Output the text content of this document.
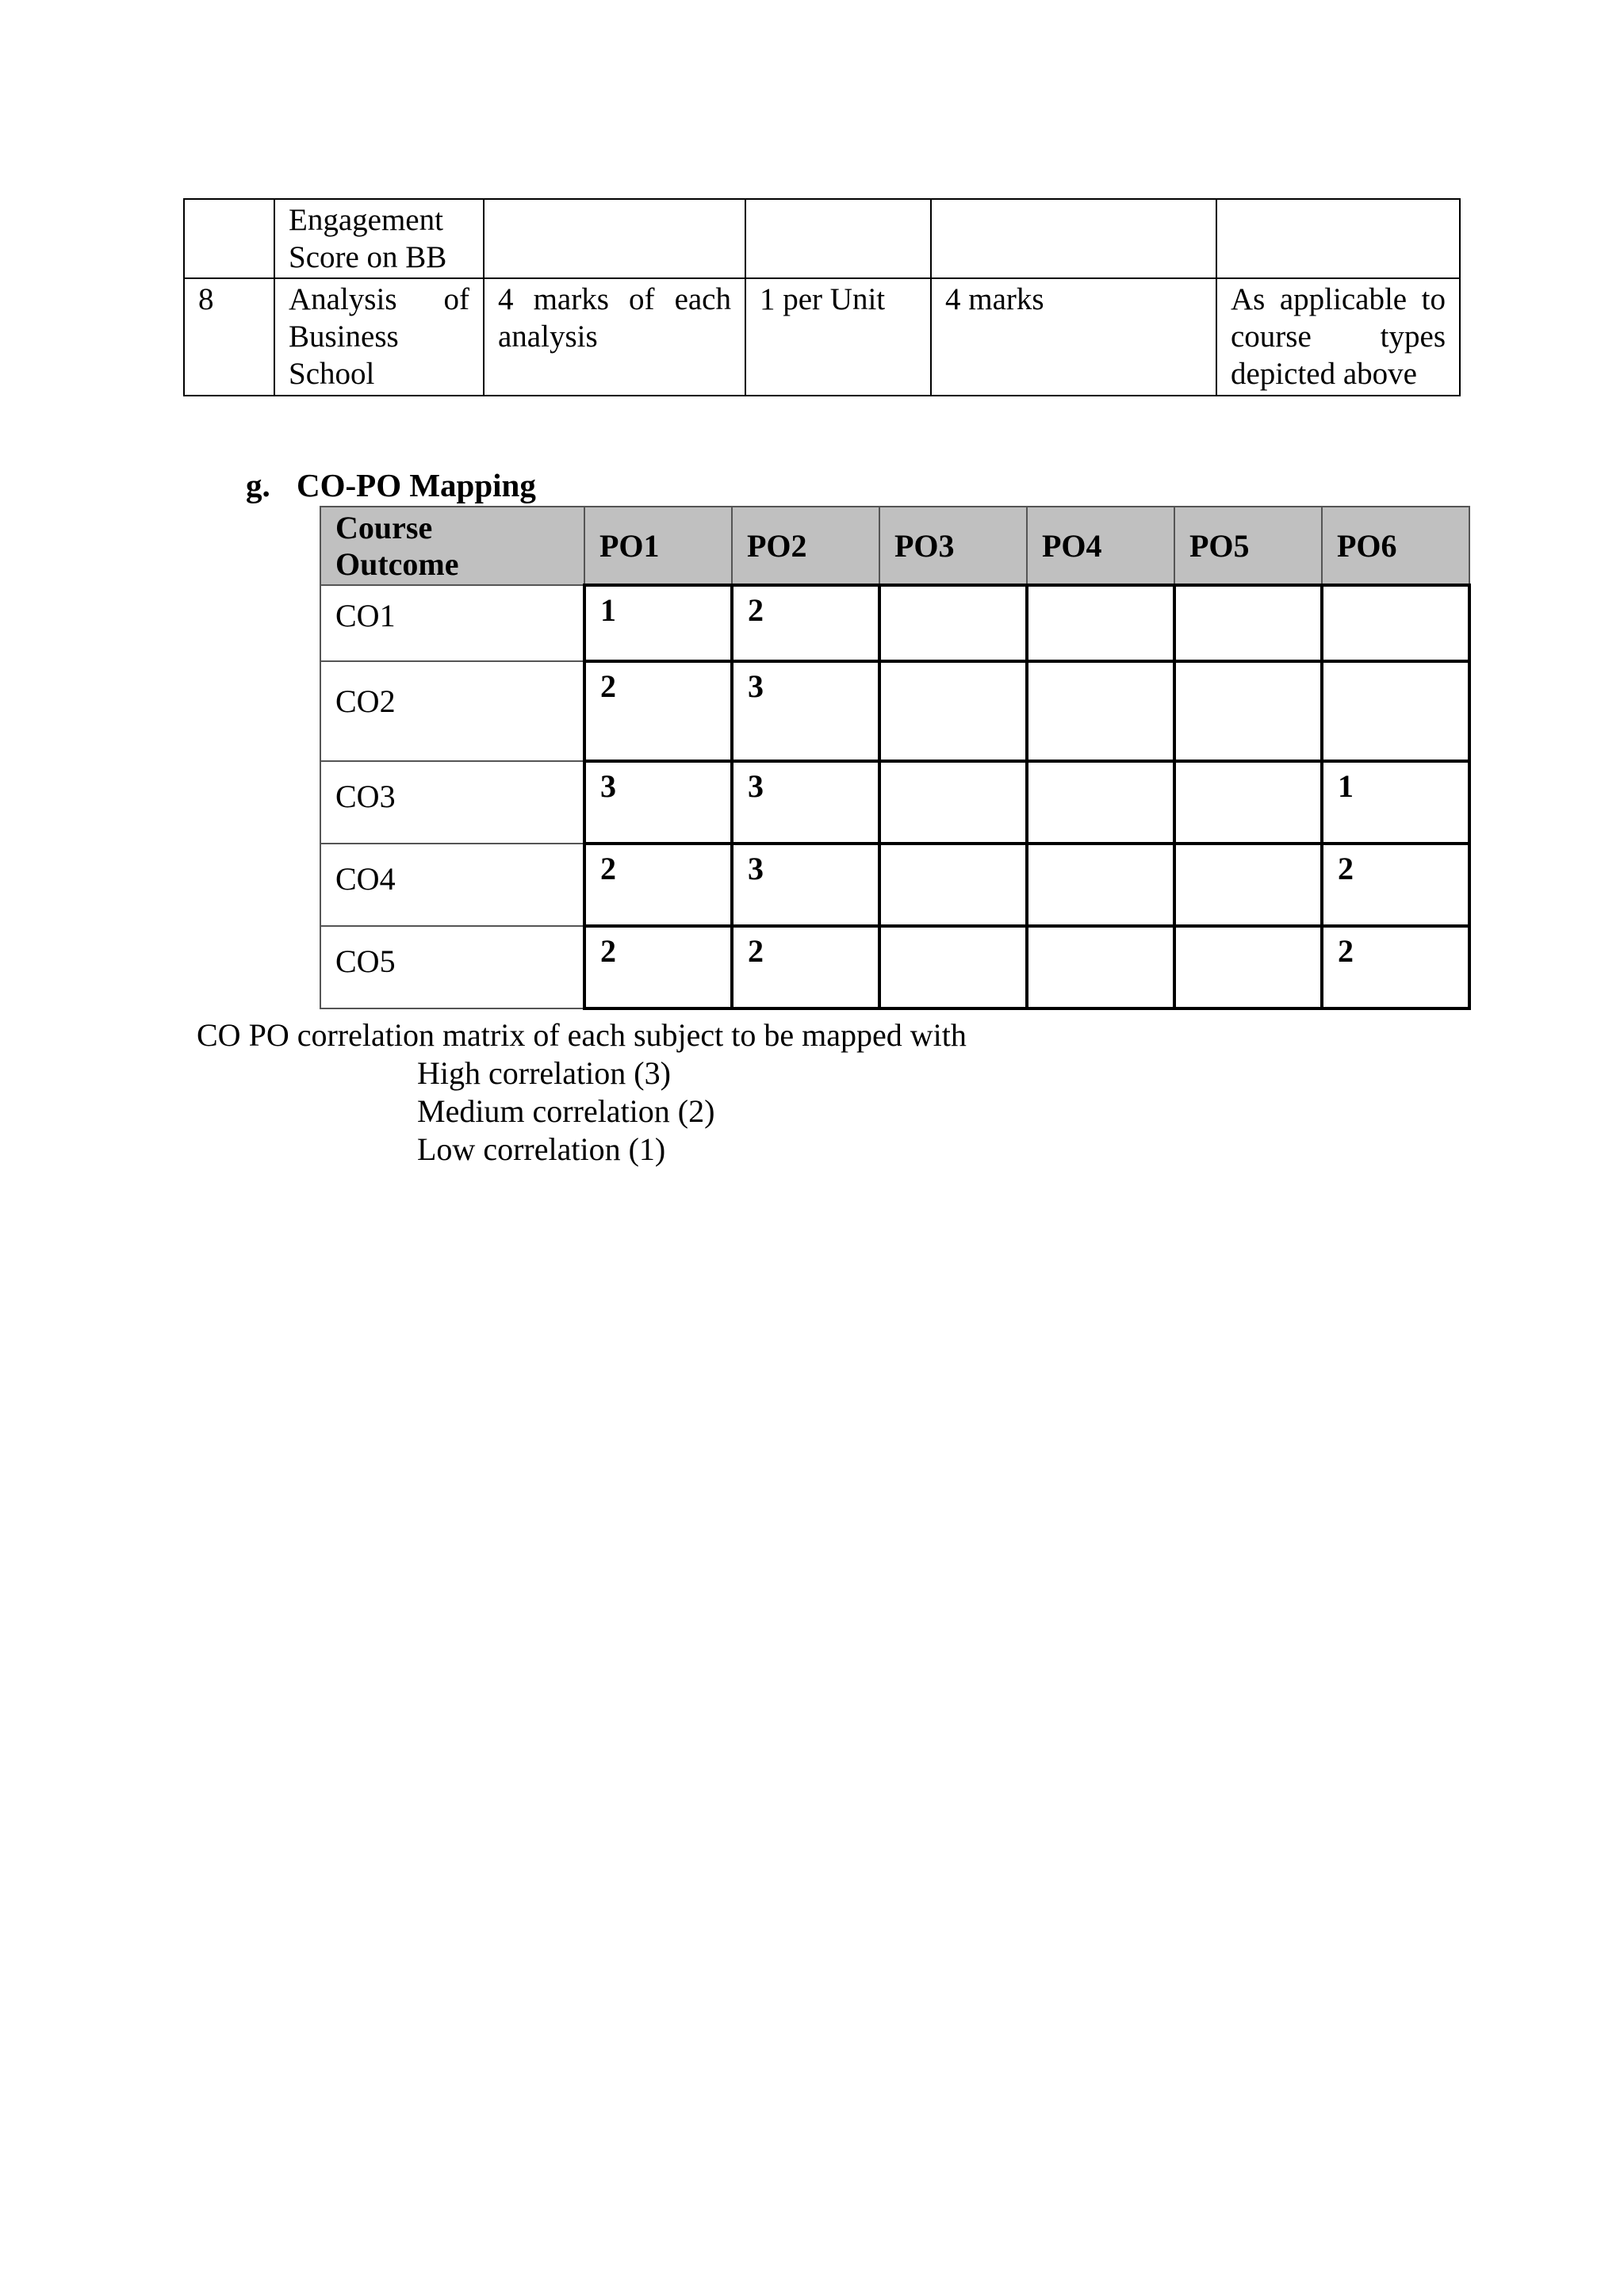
	Engagement
Score on BB				
8	Analysis of
Business
School	4 marks of each analysis	1 per Unit	4 marks	As applicable to course types depicted above
g. CO-PO Mapping
Course
Outcome	PO1	PO2	PO3	PO4	PO5	PO6
CO1	1	2				
CO2	2	3				
CO3	3	3				1
CO4	2	3				2
CO5	2	2				2
CO PO correlation matrix of each subject to be mapped with
High correlation (3)
Medium correlation (2)
Low correlation (1)
